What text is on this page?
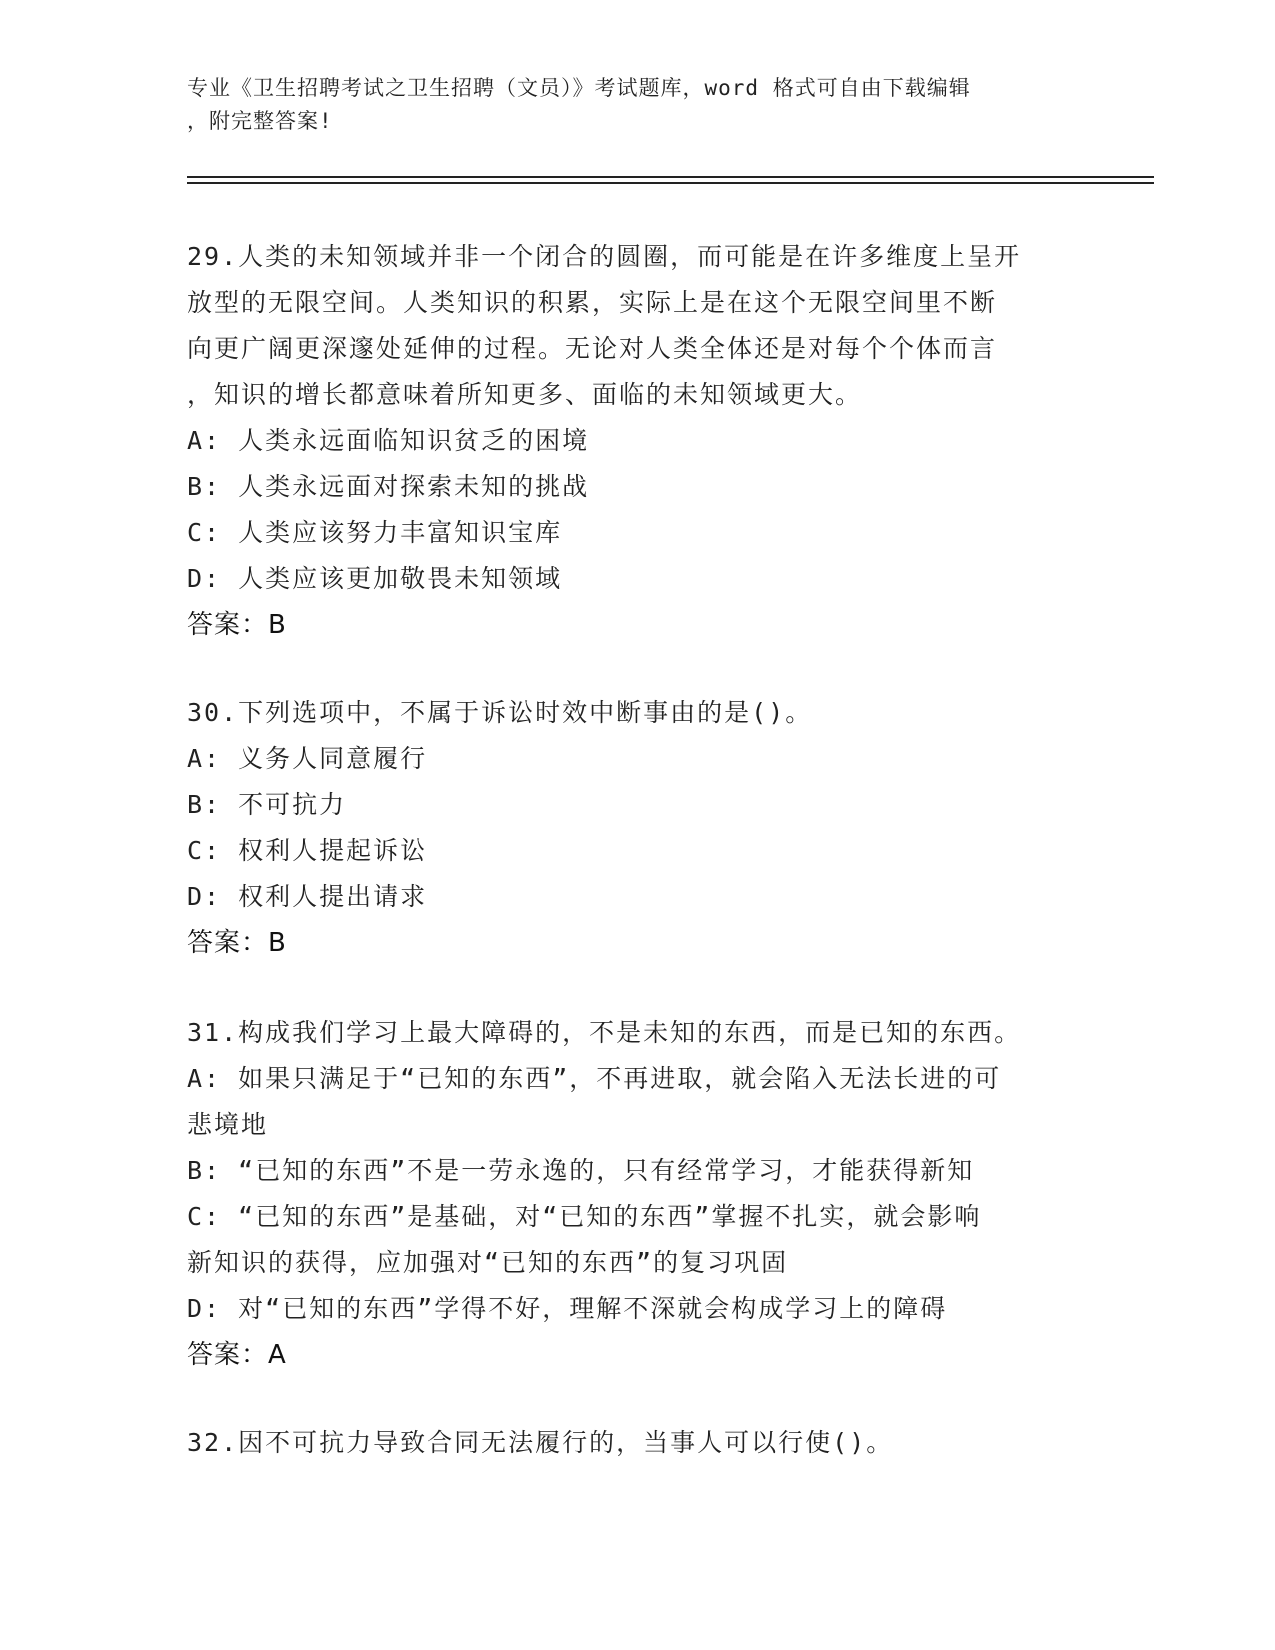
专业《卫生招聘考试之卫生招聘（文员）》考试题库，word 格式可自由下载编辑
，附完整答案!

29.人类的未知领域并非一个闭合的圆圈，而可能是在许多维度上呈开

放型的无限空间。人类知识的积累，实际上是在这个无限空间里不断

向更广阔更深邃处延伸的过程。无论对人类全体还是对每个个体而言

，知识的增长都意味着所知更多、面临的未知领域更大。

A: 人类永远面临知识贫乏的困境

B: 人类永远面对探索未知的挑战

C: 人类应该努力丰富知识宝库

D: 人类应该更加敬畏未知领域

答案：B

30.下列选项中，不属于诉讼时效中断事由的是()。

A: 义务人同意履行

B: 不可抗力

C: 权利人提起诉讼

D: 权利人提出请求

答案：B

31.构成我们学习上最大障碍的，不是未知的东西，而是已知的东西。

A: 如果只满足于“已知的东西”，不再进取，就会陷入无法长进的可

悲境地

B: “已知的东西”不是一劳永逸的，只有经常学习，才能获得新知

C: “已知的东西”是基础，对“已知的东西”掌握不扎实，就会影响

新知识的获得，应加强对“已知的东西”的复习巩固

D: 对“已知的东西”学得不好，理解不深就会构成学习上的障碍

答案：A

32.因不可抗力导致合同无法履行的，当事人可以行使()。
